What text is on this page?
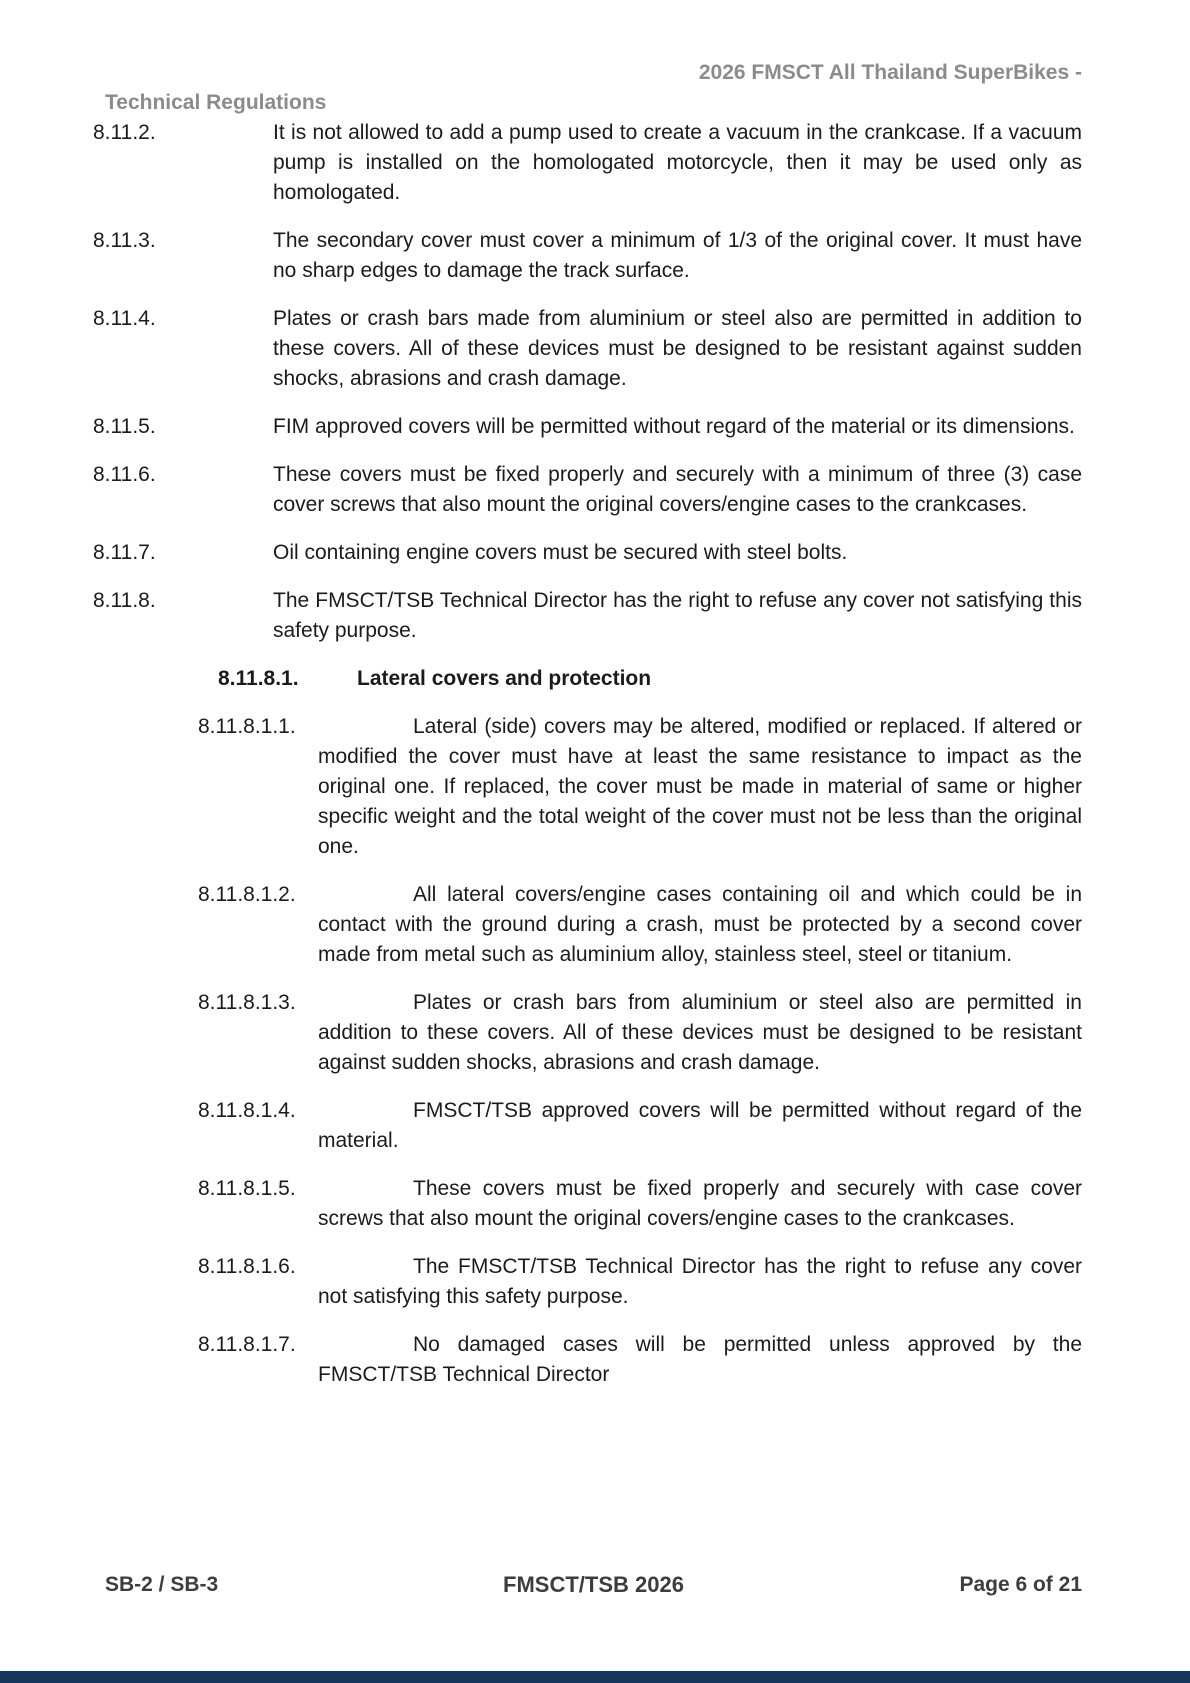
2026 FMSCT All Thailand SuperBikes -
Technical Regulations

8.11.2.	It is not allowed to add a pump used to create a vacuum in the crankcase. If a vacuum pump is installed on the homologated motorcycle, then it may be used only as homologated.

8.11.3.	The secondary cover must cover a minimum of 1/3 of the original cover. It must have no sharp edges to damage the track surface.

8.11.4.	Plates or crash bars made from aluminium or steel also are permitted in addition to these covers. All of these devices must be designed to be resistant against sudden shocks, abrasions and crash damage.

8.11.5.	FIM approved covers will be permitted without regard of the material or its dimensions.

8.11.6.	These covers must be fixed properly and securely with a minimum of three (3) case cover screws that also mount the original covers/engine cases to the crankcases.

8.11.7.	Oil containing engine covers must be secured with steel bolts.

8.11.8.	The FMSCT/TSB Technical Director has the right to refuse any cover not satisfying this safety purpose.

8.11.8.1.	Lateral covers and protection

8.11.8.1.1.	Lateral (side) covers may be altered, modified or replaced. If altered or modified the cover must have at least the same resistance to impact as the original one. If replaced, the cover must be made in material of same or higher specific weight and the total weight of the cover must not be less than the original one.

8.11.8.1.2.	All lateral covers/engine cases containing oil and which could be in contact with the ground during a crash, must be protected by a second cover made from metal such as aluminium alloy, stainless steel, steel or titanium.

8.11.8.1.3.	Plates or crash bars from aluminium or steel also are permitted in addition to these covers. All of these devices must be designed to be resistant against sudden shocks, abrasions and crash damage.

8.11.8.1.4.	FMSCT/TSB approved covers will be permitted without regard of the material.

8.11.8.1.5.	These covers must be fixed properly and securely with case cover screws that also mount the original covers/engine cases to the crankcases.

8.11.8.1.6.	The FMSCT/TSB Technical Director has the right to refuse any cover not satisfying this safety purpose.

8.11.8.1.7.	No damaged cases will be permitted unless approved by the FMSCT/TSB Technical Director

SB-2 / SB-3	FMSCT/TSB 2026	Page 6 of 21
